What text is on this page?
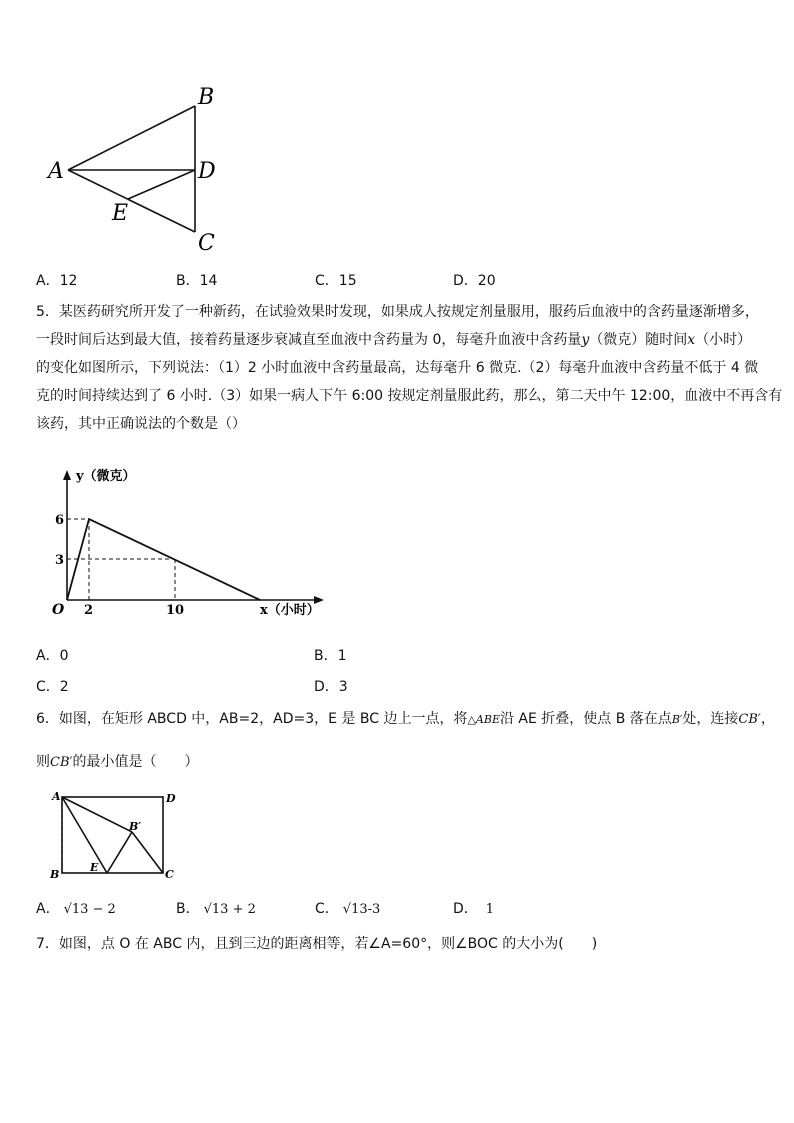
B
A	D
E
C
A．12	B．14	C．15	D．20
5．某医药研究所开发了一种新药，在试验效果时发现，如果成人按规定剂量服用，服药后血液中的含药量逐渐增多，
一段时间后达到最大值，接着药量逐步衰减直至血液中含药量为 0，每毫升血液中含药量y（微克）随时间x（小时）
的变化如图所示，下列说法：（1）2 小时血液中含药量最高，达每毫升 6 微克.（2）每毫升血液中含药量不低于 4 微
克的时间持续达到了 6 小时.（3）如果一病人下午 6:00 按规定剂量服此药，那么，第二天中午 12:00，血液中不再含有
该药，其中正确说法的个数是（）
y（微克）
x（小时）
O
6
3
2	10
A．0	B．1
C．2	D．3
6．如图，在矩形 ABCD 中，AB=2，AD=3，E 是 BC 边上一点，将△ABE沿 AE 折叠，使点 B 落在点B′处，连接CB′，
则CB′的最小值是（　　）
A	D
B′
E
B	C
A． √13 − 2	B． √13 + 2	C． √13-3	D． 1
7．如图，点 O 在 ABC 内，且到三边的距离相等，若∠A=60°，则∠BOC 的大小为(　　)
